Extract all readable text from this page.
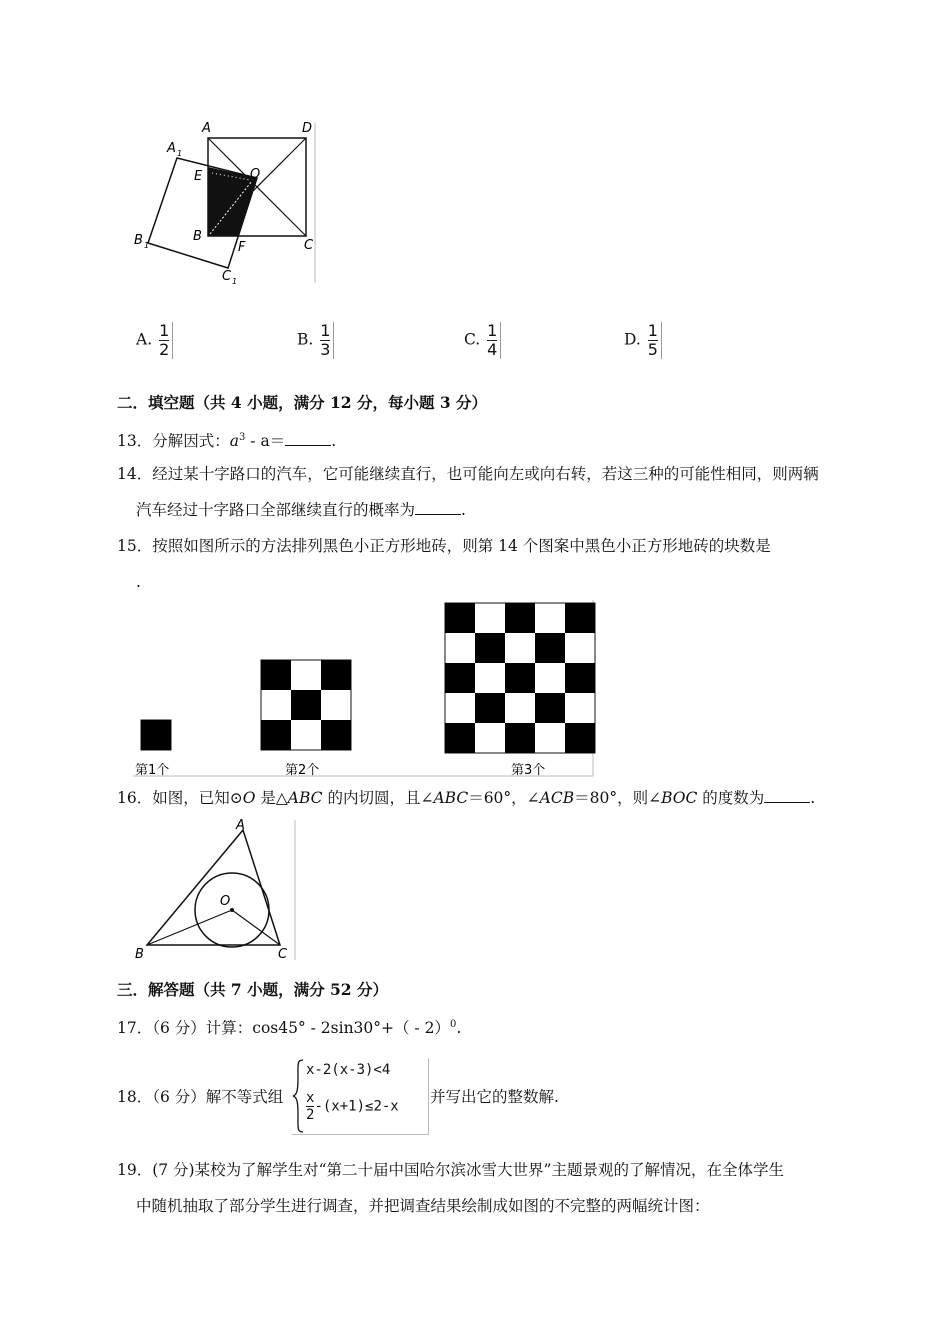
A	D
A 1
E	O
B
B 1	F	C
C 1
A. $\frac{1}{2}$	B. $\frac{1}{3}$	C. $\frac{1}{4}$	D. $\frac{1}{5}$
二．填空题（共 4 小题，满分 12 分，每小题 3 分）
13．分解因式：$a^3 - a=$	.
14．经过某十字路口的汽车，它可能继续直行，也可能向左或向右转，若这三种的可能性相同，则两辆
汽车经过十字路口全部继续直行的概率为	.
15．按照如图所示的方法排列黑色小正方形地砖，则第 14 个图案中黑色小正方形地砖的块数是
.
第1个	第2个	第3个
16．如图，已知⊙O 是△ABC 的内切圆，且∠ABC＝60°，∠ACB＝80°，则∠BOC 的度数为	.
A
O
B	C
三．解答题（共 7 小题，满分 52 分）
17．（6 分）计算：cos45° - 2sin30°+（ - 2）$^0$.
18．（6 分）解不等式组
x-2(x-3)<4
$\frac{x}{2} -(x+1)\le 2-x$
并写出它的整数解.
19．(7 分)某校为了解学生对“第二十届中国哈尔滨冰雪大世界”主题景观的了解情况，在全体学生
中随机抽取了部分学生进行调查，并把调查结果绘制成如图的不完整的两幅统计图：
